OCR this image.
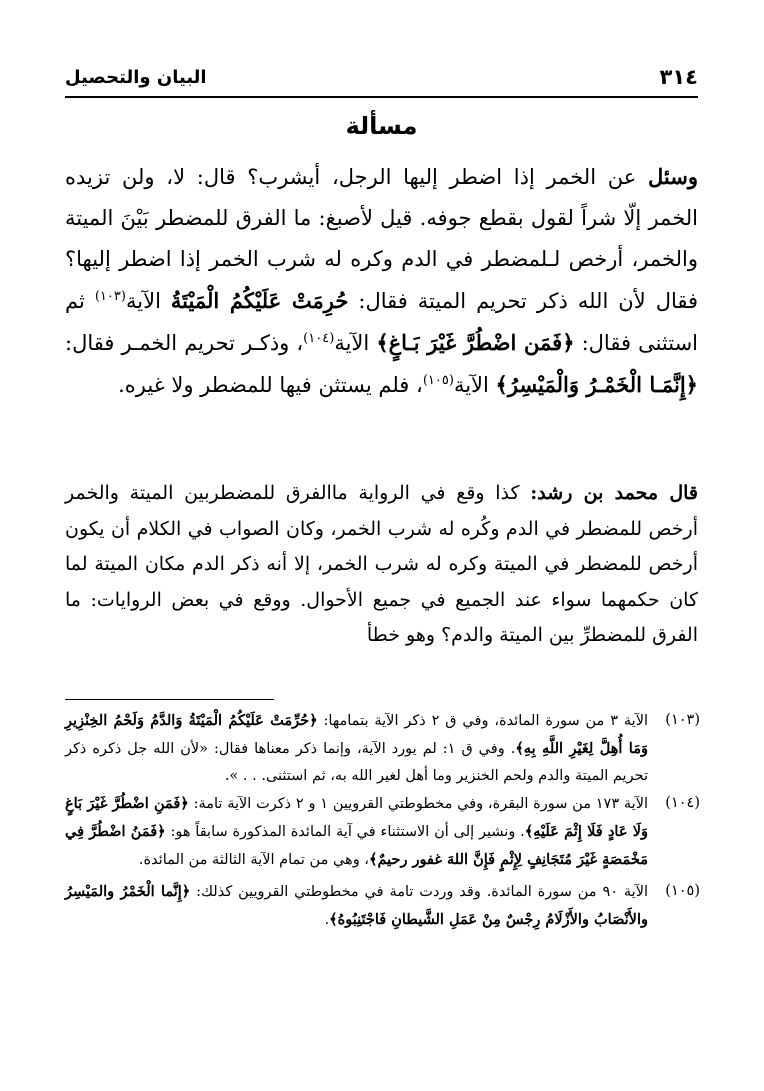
٣١٤
البيان والتحصيل
مسألة

وسئل عن الخمر إذا اضطر إليها الرجل، أيشرب؟ قال: لا، ولن تزيده الخمر إلّا شراً لقول بقطع جوفه. قيل لأصبغ: ما الفرق للمضطر بَيْنَ الميتة والخمر، أرخص لـلمضطر في الدم وكره له شرب الخمر إذا اضطر إليها؟ فقال لأن الله ذكر تحريم الميتة فقال: حُرِمَتْ عَلَيْكُمُ الْمَيْتَةُ الآية$^{(١٠٣)}$ ثم استثنى فقال: ﴿فَمَن اضْطُرَّ غَيْرَ بَـاغٍ﴾ الآية$^{(١٠٤)}$، وذكـر تحريم الخمـر فقال: ﴿إِنَّمَـا الْخَمْـرُ وَالْمَيْسِرُ﴾ الآية$^{(١٠٥)}$، فلم يستثن فيها للمضطر ولا غيره.

قال محمد بن رشد: كذا وقع في الرواية ماالفرق للمضطربين الميتة والخمر أرخص للمضطر في الدم وكُره له شرب الخمر، وكان الصواب في الكلام أن يكون أرخص للمضطر في الميتة وكره له شرب الخمر، إلا أنه ذكر الدم مكان الميتة لما كان حكمهما سواء عند الجميع في جميع الأحوال. ووقع في بعض الروايات: ما الفرق للمضطرِّ بين الميتة والدم؟ وهو خطأ

(١٠٣)
الآية ٣ من سورة المائدة، وفي ق ٢ ذكر الآية بتمامها: ﴿حُرِّمَتْ عَلَيْكُمُ الْمَيْتَةُ وَالدَّمُ وَلَحْمُ الخِنْزِيرِ وَمَا أُهِلَّ لِغَيْرِ اللَّهِ بِهِ﴾. وفي ق ١: لم يورد الآية، وإنما ذكر معناها فقال: «لأن الله جل ذكره ذكر تحريم الميتة والدم ولحم الخنزير وما أهل لغير الله به، ثم استثنى. . . ».
(١٠٤)
الآية ١٧٣ من سورة البقرة، وفي مخطوطتي القرويين ١ و ٢ ذكرت الآية تامة: ﴿فَمَنِ اضْطُرَّ غَيْرَ بَاغٍ وَلَا عَادٍ فَلَا إِثْمَ عَلَيْهِ﴾. ونشير إلى أن الاستثناء في آية المائدة المذكورة سابقاً هو: ﴿فَمَنُ اضْطُرَّ فِي مَخْمَصَةٍ غَيْرَ مُتَجَانِفٍ لِإِثْمٍ فَإِنَّ اللهَ غفور رحيمٌ﴾، وهي من تمام الآية الثالثة من المائدة.
(١٠٥)
الآية ٩٠ من سورة المائدة. وقد وردت تامة في مخطوطتي القرويين كذلك: ﴿إِنَّما الْخَمْرُ والمَيْسِرُ والأَنْصَابُ والأَزْلَامُ رِجْسٌ مِنْ عَمَلِ الشَّيطانِ فَاجْتَنِبُوهُ﴾.
